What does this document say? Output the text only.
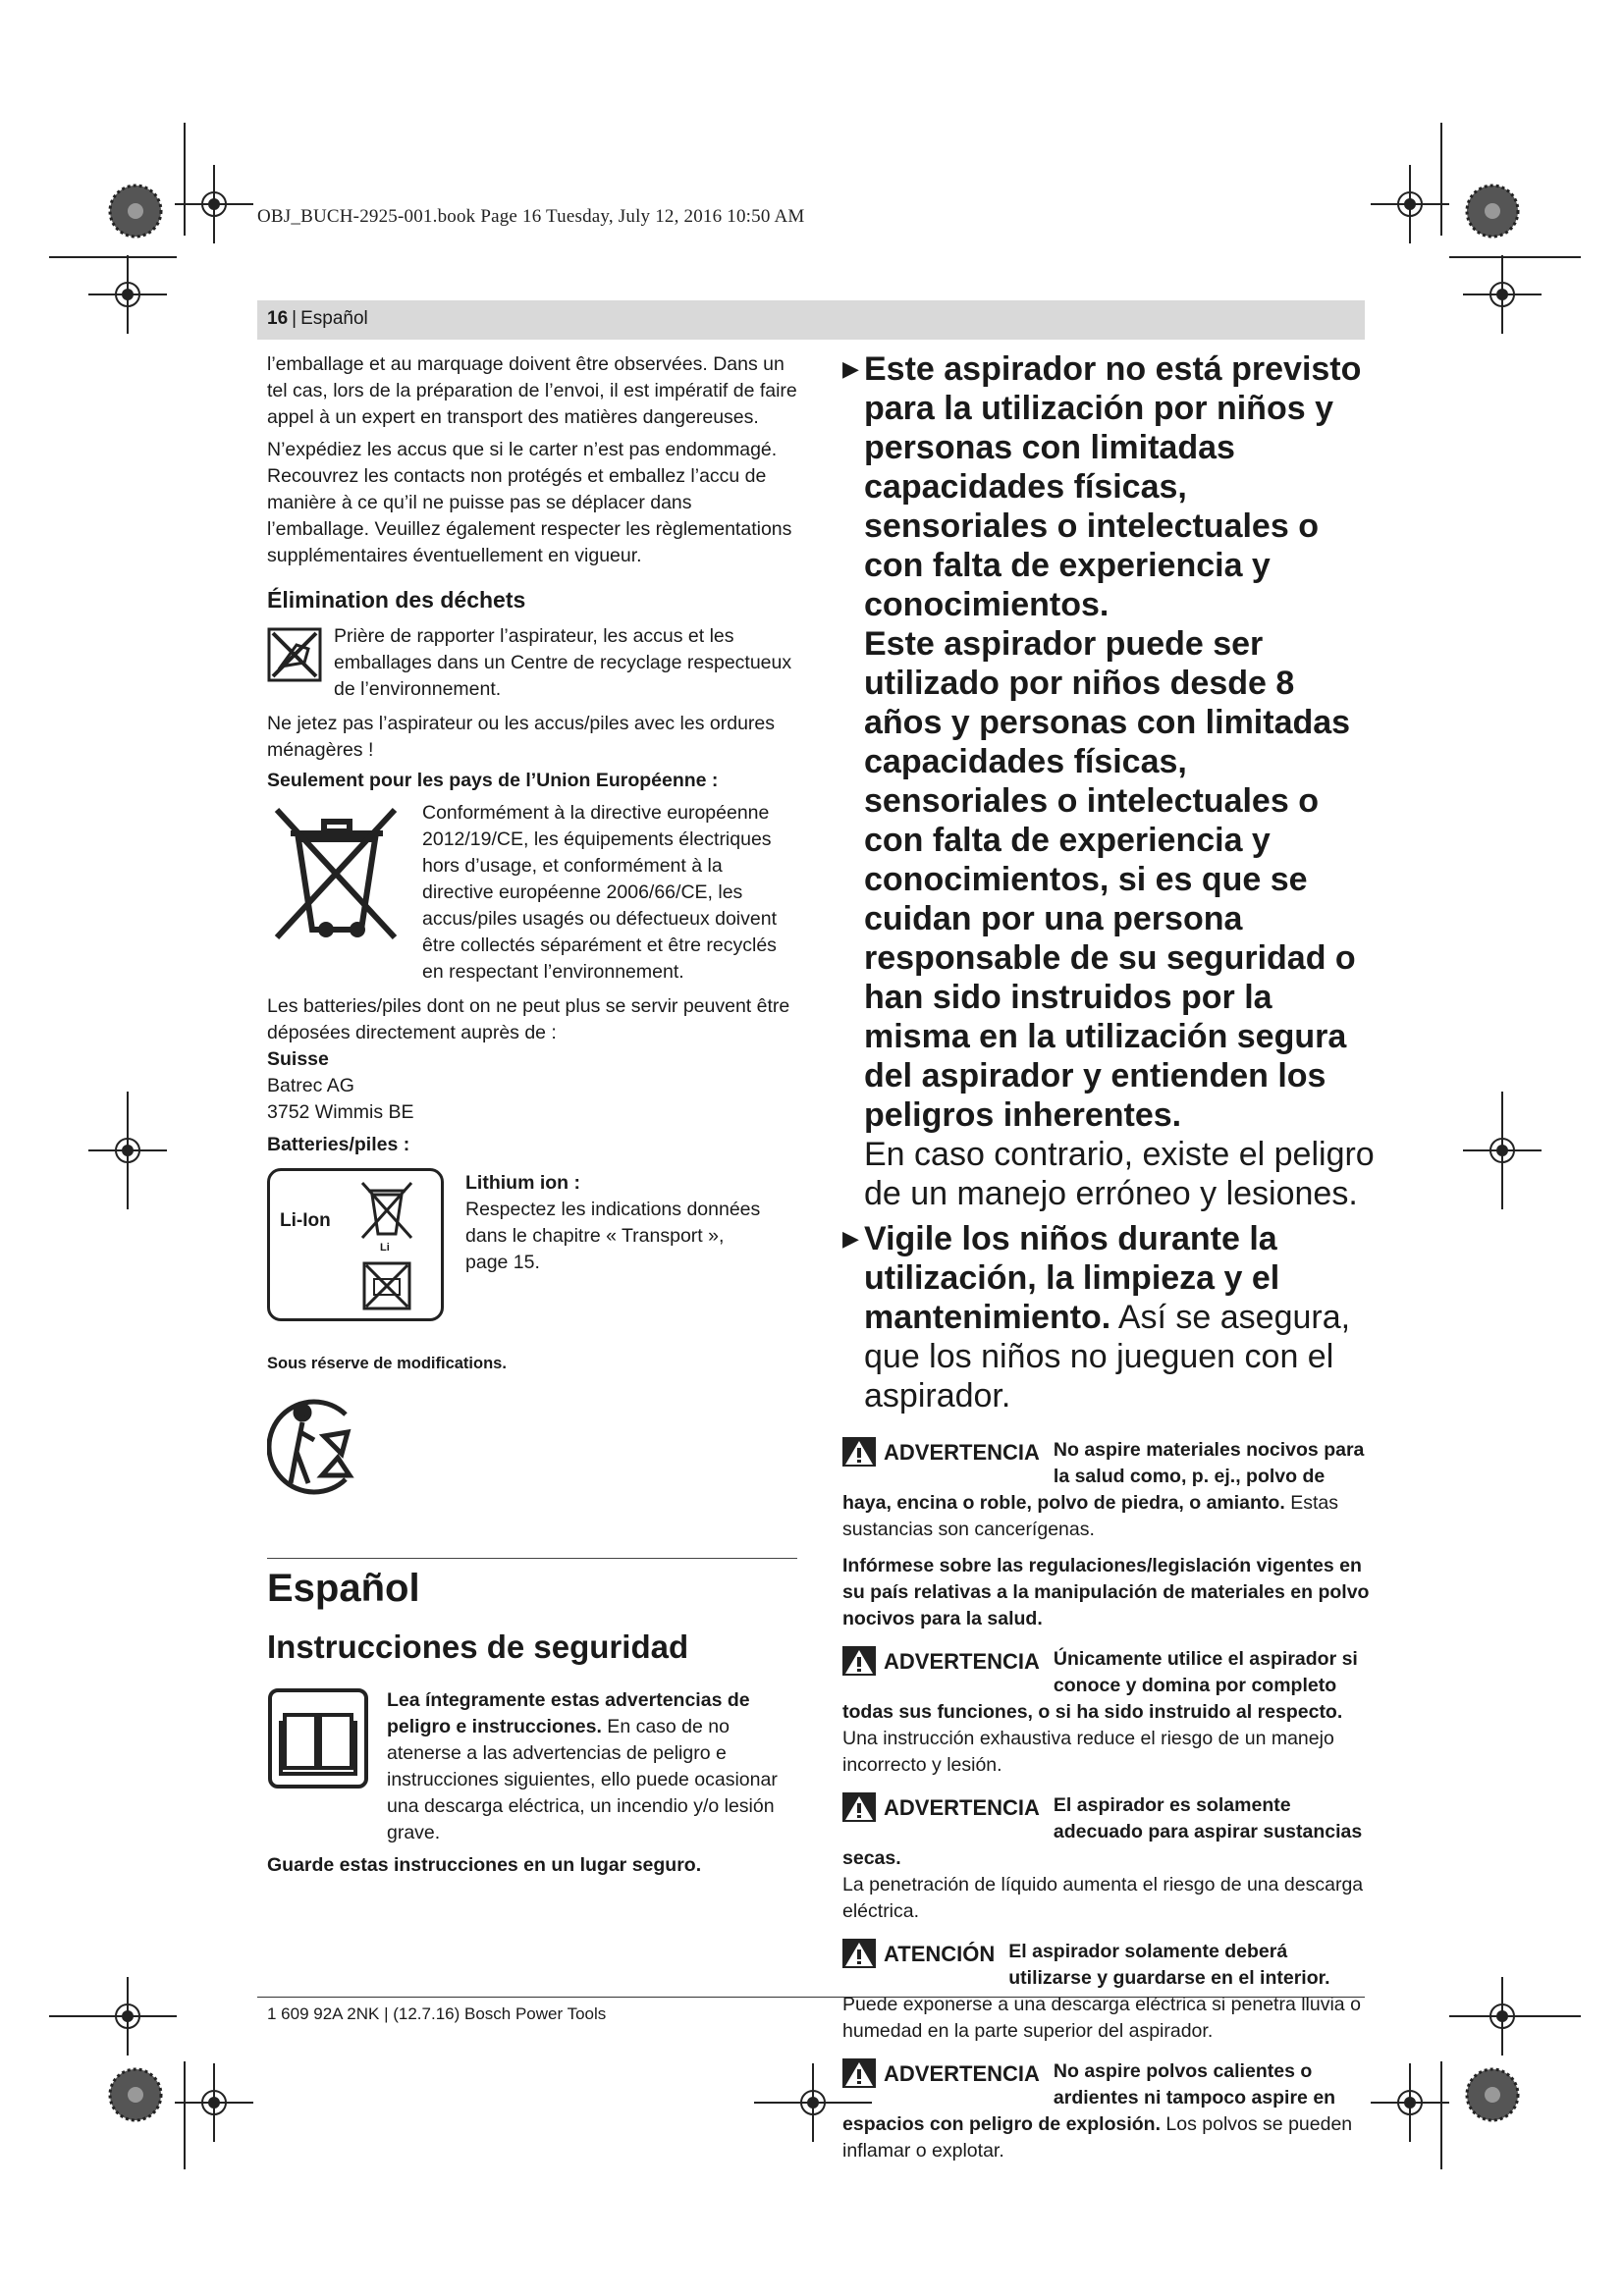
OBJ_BUCH-2925-001.book Page 16 Tuesday, July 12, 2016 10:50 AM
16 | Español

l’emballage et au marquage doivent être observées. Dans un tel cas, lors de la préparation de l’envoi, il est impératif de faire appel à un expert en transport des matières dangereuses.

N’expédiez les accus que si le carter n’est pas endommagé. Recouvrez les contacts non protégés et emballez l’accu de manière à ce qu’il ne puisse pas se déplacer dans l’emballage. Veuillez également respecter les règlementations supplémentaires éventuellement en vigueur.

Élimination des déchets

Prière de rapporter l’aspirateur, les accus et les emballages dans un Centre de recyclage respectueux de l’environnement.

Ne jetez pas l’aspirateur ou les accus/piles avec les ordures ménagères !

Seulement pour les pays de l’Union Européenne :

Conformément à la directive européenne 2012/19/CE, les équipements électriques hors d’usage, et conformément à la directive européenne 2006/66/CE, les accus/piles usagés ou défectueux doivent être collectés séparément et être recyclés en respectant l’environnement.

Les batteries/piles dont on ne peut plus se servir peuvent être déposées directement auprès de :

Suisse
Batrec AG
3752 Wimmis BE
Batteries/piles :
Li-Ion
Li
Lithium ion :
Respectez les indications données dans le chapitre « Transport », page 15.
Sous réserve de modifications.
Español
Instrucciones de seguridad

Lea íntegramente estas advertencias de peligro e instrucciones. En caso de no atenerse a las advertencias de peligro e instrucciones siguientes, ello puede ocasionar una descarga eléctrica, un incendio y/o lesión grave.

Guarde estas instrucciones en un lugar seguro.
▶ Este aspirador no está previsto para la utilización por niños y personas con limitadas capacidades físicas, sensoriales o intelectuales o con falta de experiencia y conocimientos.
Este aspirador puede ser utilizado por niños desde 8 años y personas con limitadas capacidades físicas, sensoriales o intelectuales o con falta de experiencia y conocimientos, si es que se cuidan por una persona responsable de su seguridad o han sido instruidos por la misma en la utilización segura del aspirador y entienden los peligros inherentes.
En caso contrario, existe el peligro de un manejo erróneo y lesiones.
▶ Vigile los niños durante la utilización, la limpieza y el mantenimiento. Así se asegura, que los niños no jueguen con el aspirador.
ADVERTENCIA No aspire materiales nocivos para la salud como, p. ej., polvo de haya, encina o roble, polvo de piedra, o amianto. Estas sustancias son cancerígenas.
Infórmese sobre las regulaciones/legislación vigentes en su país relativas a la manipulación de materiales en polvo nocivos para la salud.
ADVERTENCIA Únicamente utilice el aspirador si conoce y domina por completo todas sus funciones, o si ha sido instruido al respecto. Una instrucción exhaustiva reduce el riesgo de un manejo incorrecto y lesión.
ADVERTENCIA El aspirador es solamente adecuado para aspirar sustancias secas.
La penetración de líquido aumenta el riesgo de una descarga eléctrica.
ATENCIÓN El aspirador solamente deberá utilizarse y guardarse en el interior. Puede exponerse a una descarga eléctrica si penetra lluvia o humedad en la parte superior del aspirador.
ADVERTENCIA No aspire polvos calientes o ardientes ni tampoco aspire en espacios con peligro de explosión. Los polvos se pueden inflamar o explotar.
1 609 92A 2NK | (12.7.16) Bosch Power Tools
